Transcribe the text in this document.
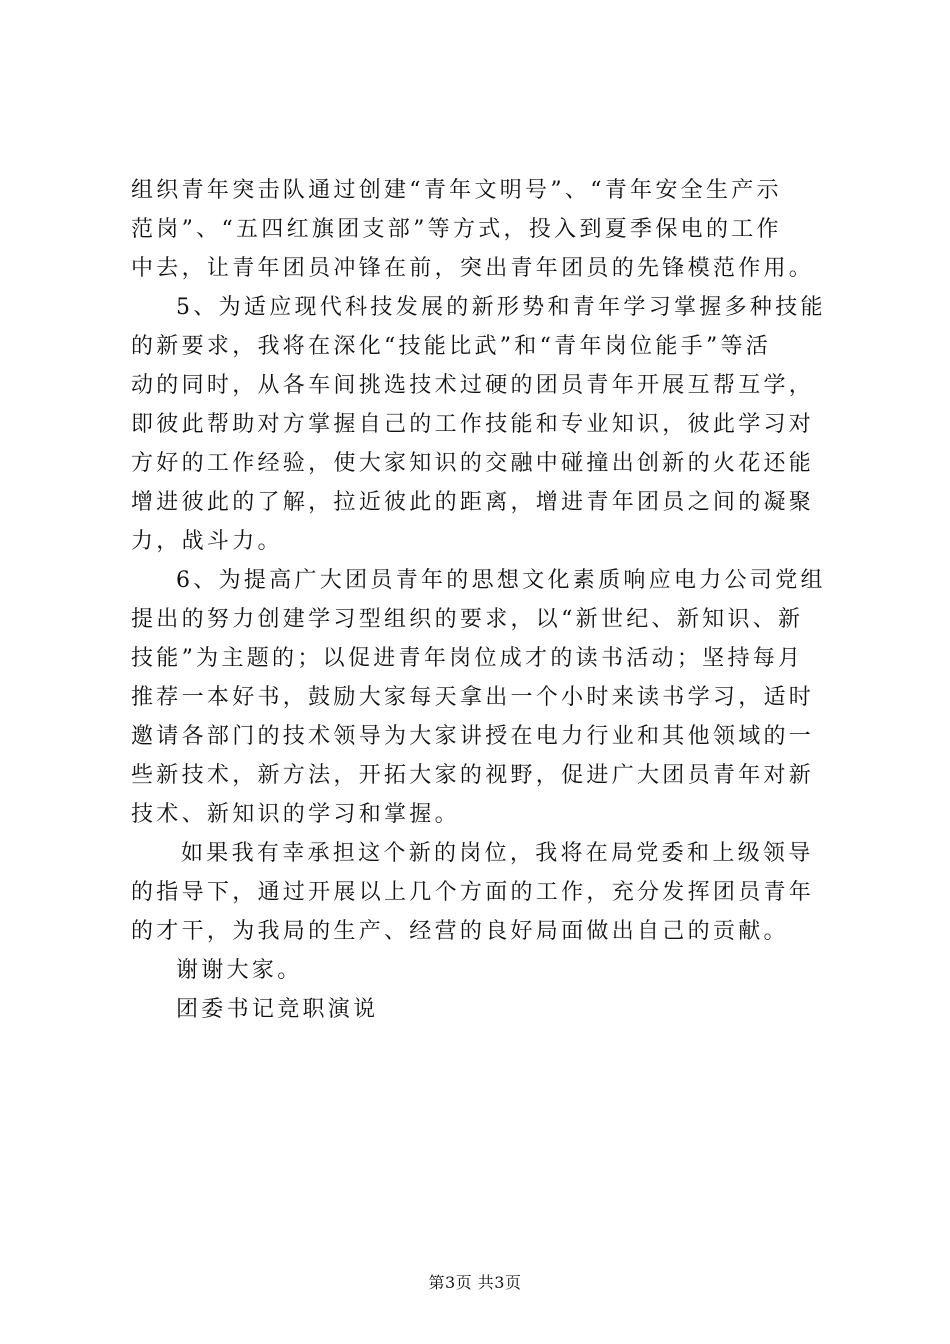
组织青年突击队通过创建“青年文明号”、“青年安全生产示
范岗”、“五四红旗团支部”等方式，投入到夏季保电的工作
中去，让青年团员冲锋在前，突出青年团员的先锋模范作用。
5、为适应现代科技发展的新形势和青年学习掌握多种技能
的新要求，我将在深化“技能比武”和“青年岗位能手”等活
动的同时，从各车间挑选技术过硬的团员青年开展互帮互学，
即彼此帮助对方掌握自己的工作技能和专业知识，彼此学习对
方好的工作经验，使大家知识的交融中碰撞出创新的火花还能
增进彼此的了解，拉近彼此的距离，增进青年团员之间的凝聚
力，战斗力。
6、为提高广大团员青年的思想文化素质响应电力公司党组
提出的努力创建学习型组织的要求，以“新世纪、新知识、新
技能”为主题的；以促进青年岗位成才的读书活动；坚持每月
推荐一本好书，鼓励大家每天拿出一个小时来读书学习，适时
邀请各部门的技术领导为大家讲授在电力行业和其他领域的一
些新技术，新方法，开拓大家的视野，促进广大团员青年对新
技术、新知识的学习和掌握。
如果我有幸承担这个新的岗位，我将在局党委和上级领导
的指导下，通过开展以上几个方面的工作，充分发挥团员青年
的才干，为我局的生产、经营的良好局面做出自己的贡献。
谢谢大家。
团委书记竞职演说
第3页 共3页
